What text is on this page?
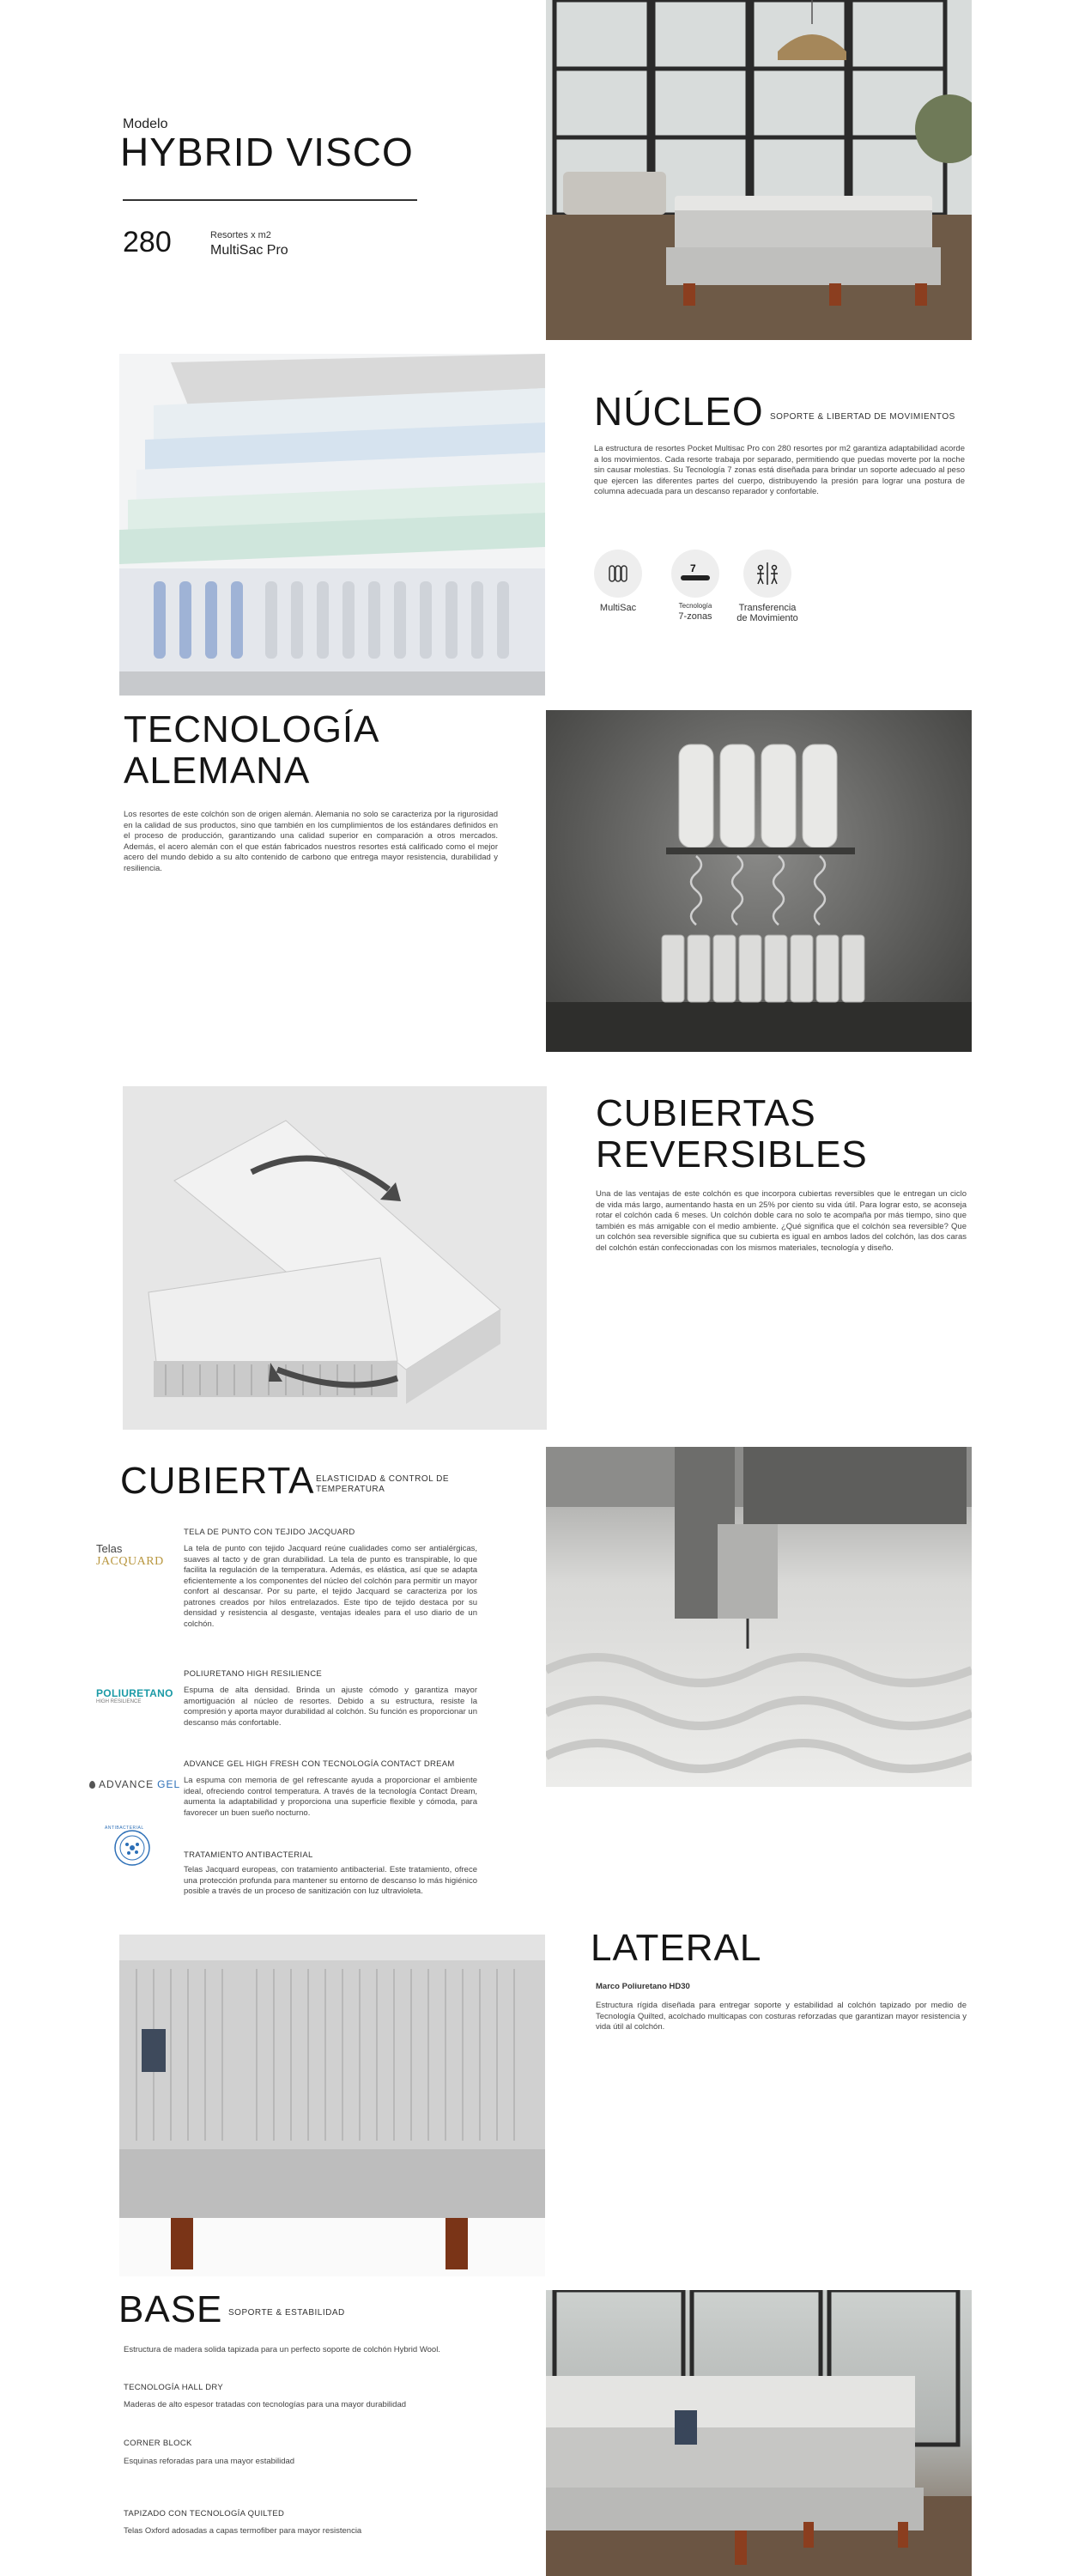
Modelo
HYBRID VISCO
280	Resortes x m2
MultiSac Pro
NÚCLEO SOPORTE & LIBERTAD DE MOVIMIENTOS
La estructura de resortes Pocket Multisac Pro con 280 resortes por m2 garantiza adaptabilidad acorde a los movimientos. Cada resorte trabaja por separado, permitiendo que puedas moverte por la noche sin causar molestias. Su Tecnología 7 zonas está diseñada para brindar un soporte adecuado al peso que ejercen las diferentes partes del cuerpo, distribuyendo la presión para lograr una postura de columna adecuada para un descanso reparador y confortable.
MultiSac
7
Tecnología
7-zonas
Transferencia de Movimiento
TECNOLOGÍA
ALEMANA
Los resortes de este colchón son de origen alemán. Alemania no solo se caracteriza por la rigurosidad en la calidad de sus productos, sino que también en los cumplimientos de los estándares definidos en el proceso de producción, garantizando una calidad superior en comparación a otros mercados. Además, el acero alemán con el que están fabricados nuestros resortes está calificado como el mejor acero del mundo debido a su alto contenido de carbono que entrega mayor resistencia, durabilidad y resiliencia.
CUBIERTAS
REVERSIBLES
Una de las ventajas de este colchón es que incorpora cubiertas reversibles que le entregan un ciclo de vida más largo, aumentando hasta en un 25% por ciento su vida útil. Para lograr esto, se aconseja rotar el colchón cada 6 meses. Un colchón doble cara no solo te acompaña por más tiempo, sino que también es más amigable con el medio ambiente. ¿Qué significa que el colchón sea reversible? Que un colchón sea reversible significa que su cubierta es igual en ambos lados del colchón, las dos caras del colchón están confeccionadas con los mismos materiales, tecnología y diseño.
CUBIERTA ELASTICIDAD & CONTROL DE
TEMPERATURA
Telas
JACQUARD
TELA DE PUNTO CON TEJIDO JACQUARD
La tela de punto con tejido Jacquard reúne cualidades como ser antialérgicas, suaves al tacto y de gran durabilidad. La tela de punto es transpirable, lo que facilita la regulación de la temperatura. Además, es elástica, así que se adapta eficientemente a los componentes del núcleo del colchón para permitir un mayor confort al descansar. Por su parte, el tejido Jacquard se caracteriza por los patrones creados por hilos entrelazados. Este tipo de tejido destaca por su densidad y resistencia al desgaste, ventajas ideales para el uso diario de un colchón.
POLIURETANO
HIGH RESILIENCE
POLIURETANO HIGH RESILIENCE
Espuma de alta densidad. Brinda un ajuste cómodo y garantiza mayor amortiguación al núcleo de resortes. Debido a su estructura, resiste la compresión y aporta mayor durabilidad al colchón. Su función es proporcionar un descanso más confortable.
ADVANCE GEL
ADVANCE GEL HIGH FRESH CON TECNOLOGÍA CONTACT DREAM
La espuma con memoria de gel refrescante ayuda a proporcionar el ambiente ideal, ofreciendo control temperatura. A través de la tecnología Contact Dream, aumenta la adaptabilidad y proporciona una superficie flexible y cómoda, para favorecer un buen sueño nocturno.
ANTIBACTERIAL
TRATAMIENTO ANTIBACTERIAL
Telas Jacquard europeas, con tratamiento antibacterial. Este tratamiento, ofrece una protección profunda para mantener su entorno de descanso lo más higiénico posible a través de un proceso de sanitización con luz ultravioleta.
LATERAL
Marco Poliuretano HD30
Estructura rígida diseñada para entregar soporte y estabilidad al colchón tapizado por medio de Tecnología Quilted, acolchado multicapas con costuras reforzadas que garantizan mayor resistencia y vida útil al colchón.
BASE SOPORTE & ESTABILIDAD
Estructura de madera solida tapizada para un perfecto soporte de colchón Hybrid Wool.
TECNOLOGÍA HALL DRY
Maderas de alto espesor tratadas con tecnologías para una mayor durabilidad
CORNER BLOCK
Esquinas reforadas para una mayor estabilidad
TAPIZADO CON TECNOLOGÍA QUILTED
Telas Oxford adosadas a capas termofiber para mayor resistencia
